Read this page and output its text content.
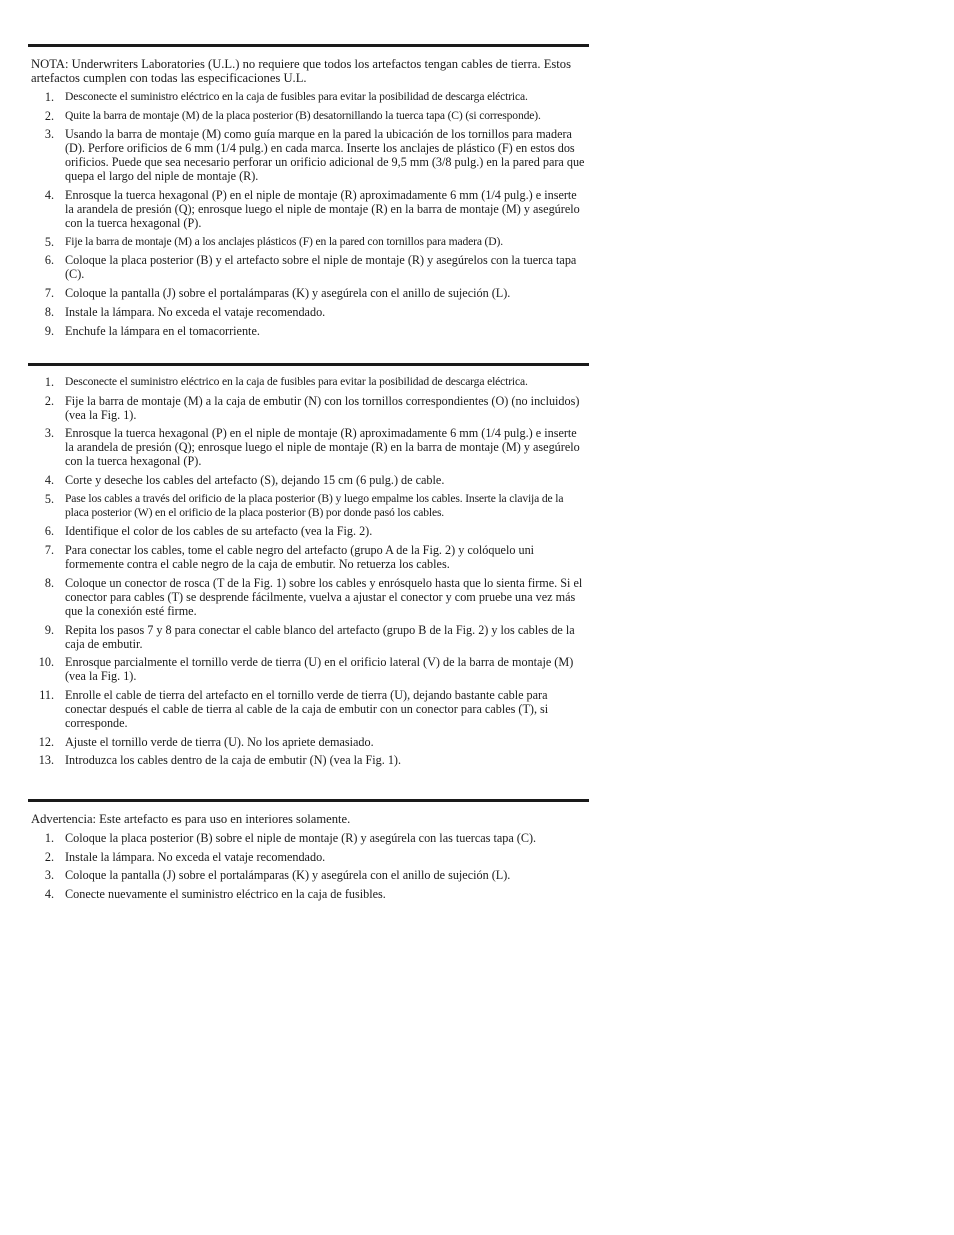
NOTA: Underwriters Laboratories (U.L.) no requiere que todos los artefactos tengan cables de tierra. Estos artefactos cumplen con todas las especificaciones U.L.

1. Desconecte el suministro eléctrico en la caja de fusibles para evitar la posibilidad de descarga eléctrica.
2. Quite la barra de montaje (M) de la placa posterior (B) desatornillando la tuerca tapa (C) (si corresponde).
3. Usando la barra de montaje (M) como guía marque en la pared la ubicación de los tornillos para madera (D). Perfore orificios de 6 mm (1/4 pulg.) en cada marca. Inserte los anclajes de plástico (F) en estos dos orificios. Puede que sea necesario perforar un orificio adicional de 9,5 mm (3/8 pulg.) en la pared para que quepa el largo del niple de montaje (R).
4. Enrosque la tuerca hexagonal (P) en el niple de montaje (R) aproximadamente 6 mm (1/4 pulg.) e inserte la arandela de presión (Q); enrosque luego el niple de montaje (R) en la barra de montaje (M) y asegúrelo con la tuerca hexagonal (P).
5. Fije la barra de montaje (M) a los anclajes plásticos (F) en la pared con tornillos para madera (D).
6. Coloque la placa posterior (B) y el artefacto sobre el niple de montaje (R) y asegúrelos con la tuerca tapa (C).
7. Coloque la pantalla (J) sobre el portalámparas (K) y asegúrela con el anillo de sujeción (L).
8. Instale la lámpara. No exceda el vataje recomendado.
9. Enchufe la lámpara en el tomacorriente.
1. Desconecte el suministro eléctrico en la caja de fusibles para evitar la posibilidad de descarga eléctrica.
2. Fije la barra de montaje (M) a la caja de embutir (N) con los tornillos correspondientes (O) (no incluidos) (vea la Fig. 1).
3. Enrosque la tuerca hexagonal (P) en el niple de montaje (R) aproximadamente 6 mm (1/4 pulg.) e inserte la arandela de presión (Q); enrosque luego el niple de montaje (R) en la barra de montaje (M) y asegúrelo con la tuerca hexagonal (P).
4. Corte y deseche los cables del artefacto (S), dejando 15 cm (6 pulg.) de cable.
5. Pase los cables a través del orificio de la placa posterior (B) y luego empalme los cables. Inserte la clavija de la placa posterior (W) en el orificio de la placa posterior (B) por donde pasó los cables.
6. Identifique el color de los cables de su artefacto (vea la Fig. 2).
7. Para conectar los cables, tome el cable negro del artefacto (grupo A de la Fig. 2) y colóquelo uni formemente contra el cable negro de la caja de embutir. No retuerza los cables.
8. Coloque un conector de rosca (T de la Fig. 1) sobre los cables y enrósquelo hasta que lo sienta firme. Si el conector para cables (T) se desprende fácilmente, vuelva a ajustar el conector y com pruebe una vez más que la conexión esté firme.
9. Repita los pasos 7 y 8 para conectar el cable blanco del artefacto (grupo B de la Fig. 2) y los cables de la caja de embutir.
10. Enrosque parcialmente el tornillo verde de tierra (U) en el orificio lateral (V) de la barra de montaje (M) (vea la Fig. 1).
11. Enrolle el cable de tierra del artefacto en el tornillo verde de tierra (U), dejando bastante cable para conectar después el cable de tierra al cable de la caja de embutir con un conector para cables (T), si corresponde.
12. Ajuste el tornillo verde de tierra (U). No los apriete demasiado.
13. Introduzca los cables dentro de la caja de embutir (N) (vea la Fig. 1).

Advertencia: Este artefacto es para uso en interiores solamente.

1. Coloque la placa posterior (B) sobre el niple de montaje (R) y asegúrela con las tuercas tapa (C).
2. Instale la lámpara. No exceda el vataje recomendado.
3. Coloque la pantalla (J) sobre el portalámparas (K) y asegúrela con el anillo de sujeción (L).
4. Conecte nuevamente el suministro eléctrico en la caja de fusibles.
